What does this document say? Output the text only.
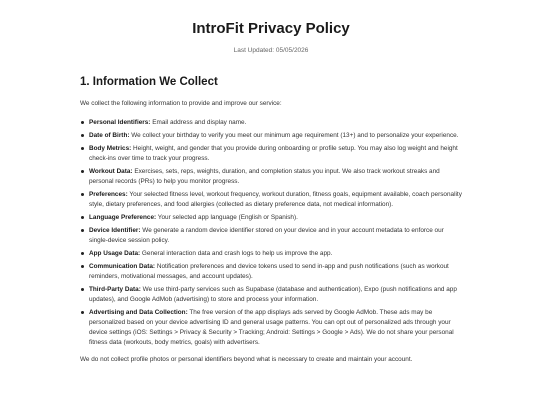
IntroFit Privacy Policy
Last Updated: 05/05/2026
1. Information We Collect

We collect the following information to provide and improve our service:

Personal Identifiers: Email address and display name.
Date of Birth: We collect your birthday to verify you meet our minimum age requirement (13+) and to personalize your experience.
Body Metrics: Height, weight, and gender that you provide during onboarding or profile setup. You may also log weight and height check-ins over time to track your progress.
Workout Data: Exercises, sets, reps, weights, duration, and completion status you input. We also track workout streaks and personal records (PRs) to help you monitor progress.
Preferences: Your selected fitness level, workout frequency, workout duration, fitness goals, equipment available, coach personality style, dietary preferences, and food allergies (collected as dietary preference data, not medical information).
Language Preference: Your selected app language (English or Spanish).
Device Identifier: We generate a random device identifier stored on your device and in your account metadata to enforce our single-device session policy.
App Usage Data: General interaction data and crash logs to help us improve the app.
Communication Data: Notification preferences and device tokens used to send in-app and push notifications (such as workout reminders, motivational messages, and account updates).
Third-Party Data: We use third-party services such as Supabase (database and authentication), Expo (push notifications and app updates), and Google AdMob (advertising) to store and process your information.
Advertising and Data Collection: The free version of the app displays ads served by Google AdMob. These ads may be personalized based on your device advertising ID and general usage patterns. You can opt out of personalized ads through your device settings (iOS: Settings > Privacy & Security > Tracking; Android: Settings > Google > Ads). We do not share your personal fitness data (workouts, body metrics, goals) with advertisers.

We do not collect profile photos or personal identifiers beyond what is necessary to create and maintain your account.
